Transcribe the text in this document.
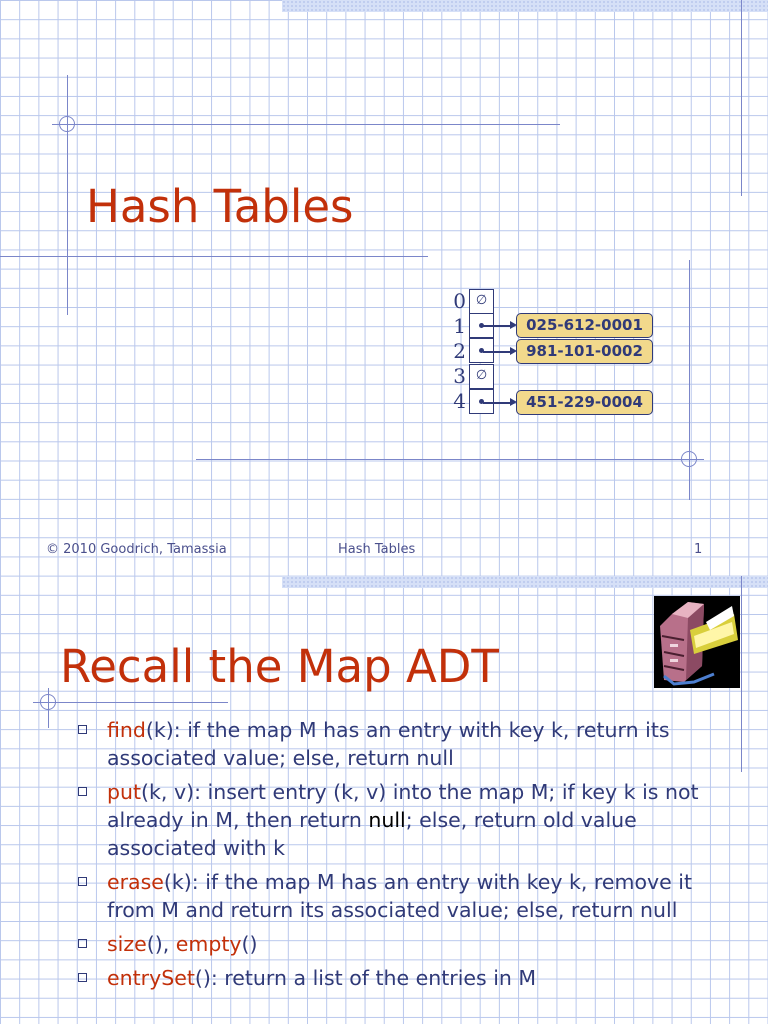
Hash Tables
0
1
2
3
4
∅
∅
025-612-0001
981-101-0002
451-229-0004
© 2010 Goodrich, Tamassia	Hash Tables	1
Recall the Map ADT
find(k): if the map M has an entry with key k, return its associated value; else, return null
put(k, v): insert entry (k, v) into the map M; if key k is not already in M, then return null; else, return old value associated with k
erase(k): if the map M has an entry with key k, remove it from M and return its associated value; else, return null
size(), empty()
entrySet(): return a list of the entries in M
